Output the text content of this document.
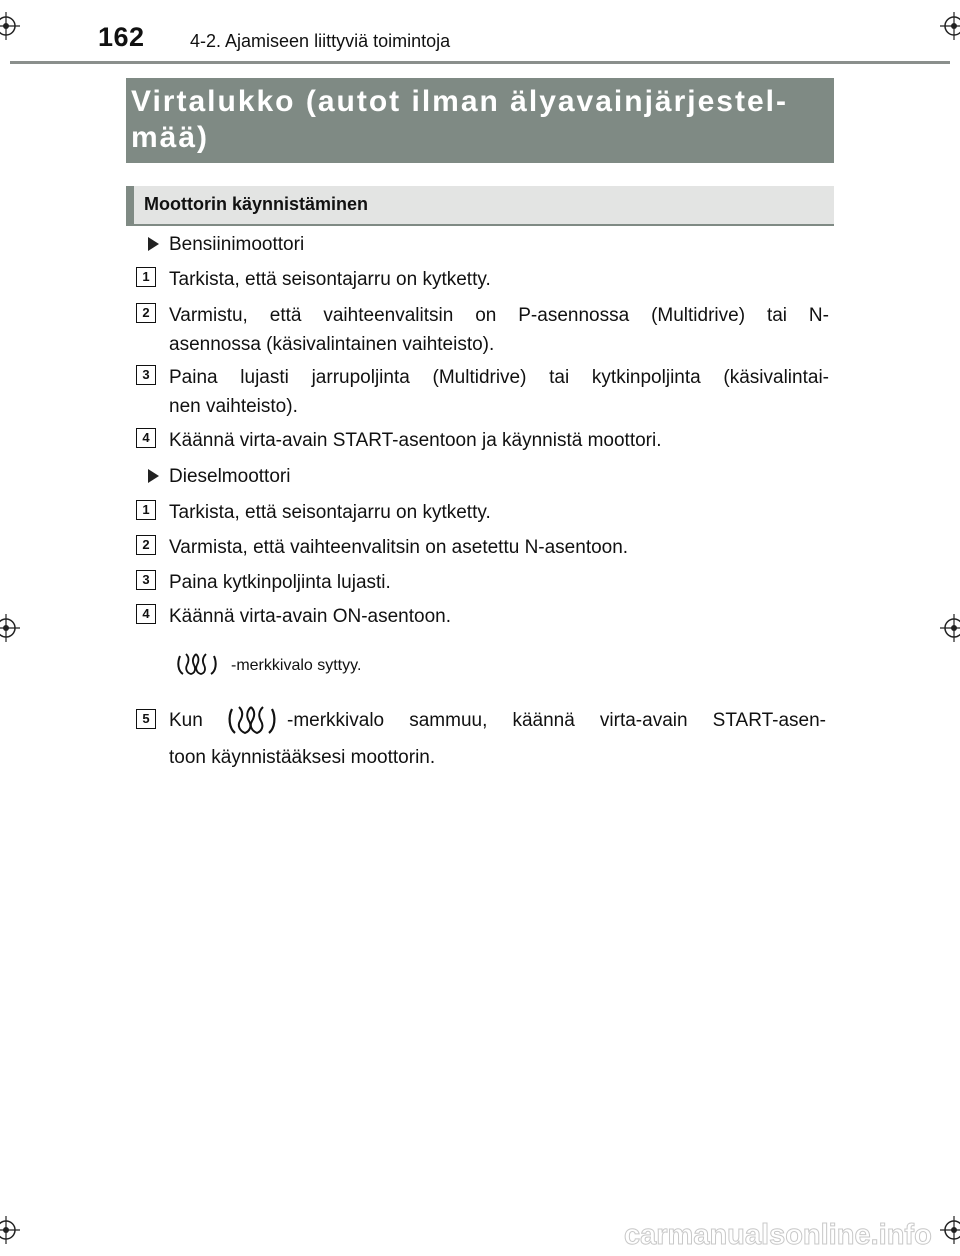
162	4-2. Ajamiseen liittyviä toimintoja
Virtalukko (autot ilman älyavainjärjestel-
mää)
Moottorin käynnistäminen
Bensiinimoottori
1	Tarkista, että seisontajarru on kytketty.
2	Varmistu, että vaihteenvalitsin on P-asennossa (Multidrive) tai N-
asennossa (käsivalintainen vaihteisto).
3	Paina lujasti jarrupoljinta (Multidrive) tai kytkinpoljinta (käsivalintai-
nen vaihteisto).
4	Käännä virta-avain START-asentoon ja käynnistä moottori.
Dieselmoottori
1	Tarkista, että seisontajarru on kytketty.
2	Varmista, että vaihteenvalitsin on asetettu N-asentoon.
3	Paina kytkinpoljinta lujasti.
4	Käännä virta-avain ON-asentoon.
-merkkivalo syttyy.
5	Kun	-merkkivalo sammuu, käännä virta-avain START-asen-
toon käynnistääksesi moottorin.
carmanualsonline.info
